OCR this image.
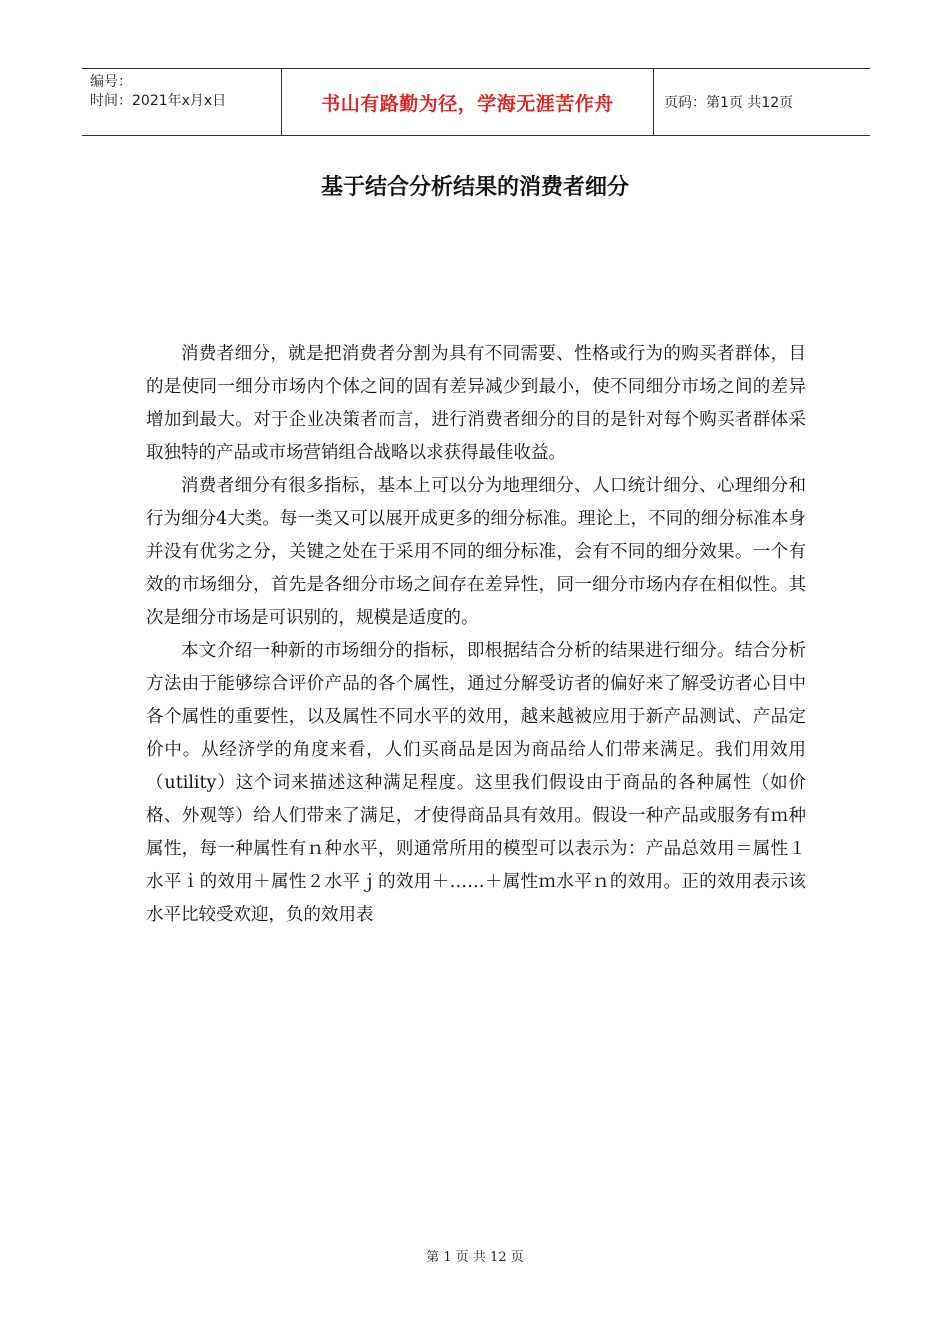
编号：
时间：2021年x月x日	书山有路勤为径，学海无涯苦作舟	页码：第1页 共12页
基于结合分析结果的消费者细分

消费者细分，就是把消费者分割为具有不同需要、性格或行为的购买者群体，目的是使同一细分市场内个体之间的固有差异减少到最小，使不同细分市场之间的差异增加到最大。对于企业决策者而言，进行消费者细分的目的是针对每个购买者群体采取独特的产品或市场营销组合战略以求获得最佳收益。

消费者细分有很多指标，基本上可以分为地理细分、人口统计细分、心理细分和行为细分4大类。每一类又可以展开成更多的细分标准。理论上，不同的细分标准本身并没有优劣之分，关键之处在于采用不同的细分标准，会有不同的细分效果。一个有效的市场细分，首先是各细分市场之间存在差异性，同一细分市场内存在相似性。其次是细分市场是可识别的，规模是适度的。

本文介绍一种新的市场细分的指标，即根据结合分析的结果进行细分。结合分析方法由于能够综合评价产品的各个属性，通过分解受访者的偏好来了解受访者心目中各个属性的重要性，以及属性不同水平的效用，越来越被应用于新产品测试、产品定价中。从经济学的角度来看，人们买商品是因为商品给人们带来满足。我们用效用（utility）这个词来描述这种满足程度。这里我们假设由于商品的各种属性（如价格、外观等）给人们带来了满足，才使得商品具有效用。假设一种产品或服务有ｍ种属性，每一种属性有ｎ种水平，则通常所用的模型可以表示为：产品总效用＝属性１水平ｉ的效用＋属性２水平ｊ的效用＋……＋属性ｍ水平ｎ的效用。正的效用表示该水平比较受欢迎，负的效用表

第 1 页 共 12 页
